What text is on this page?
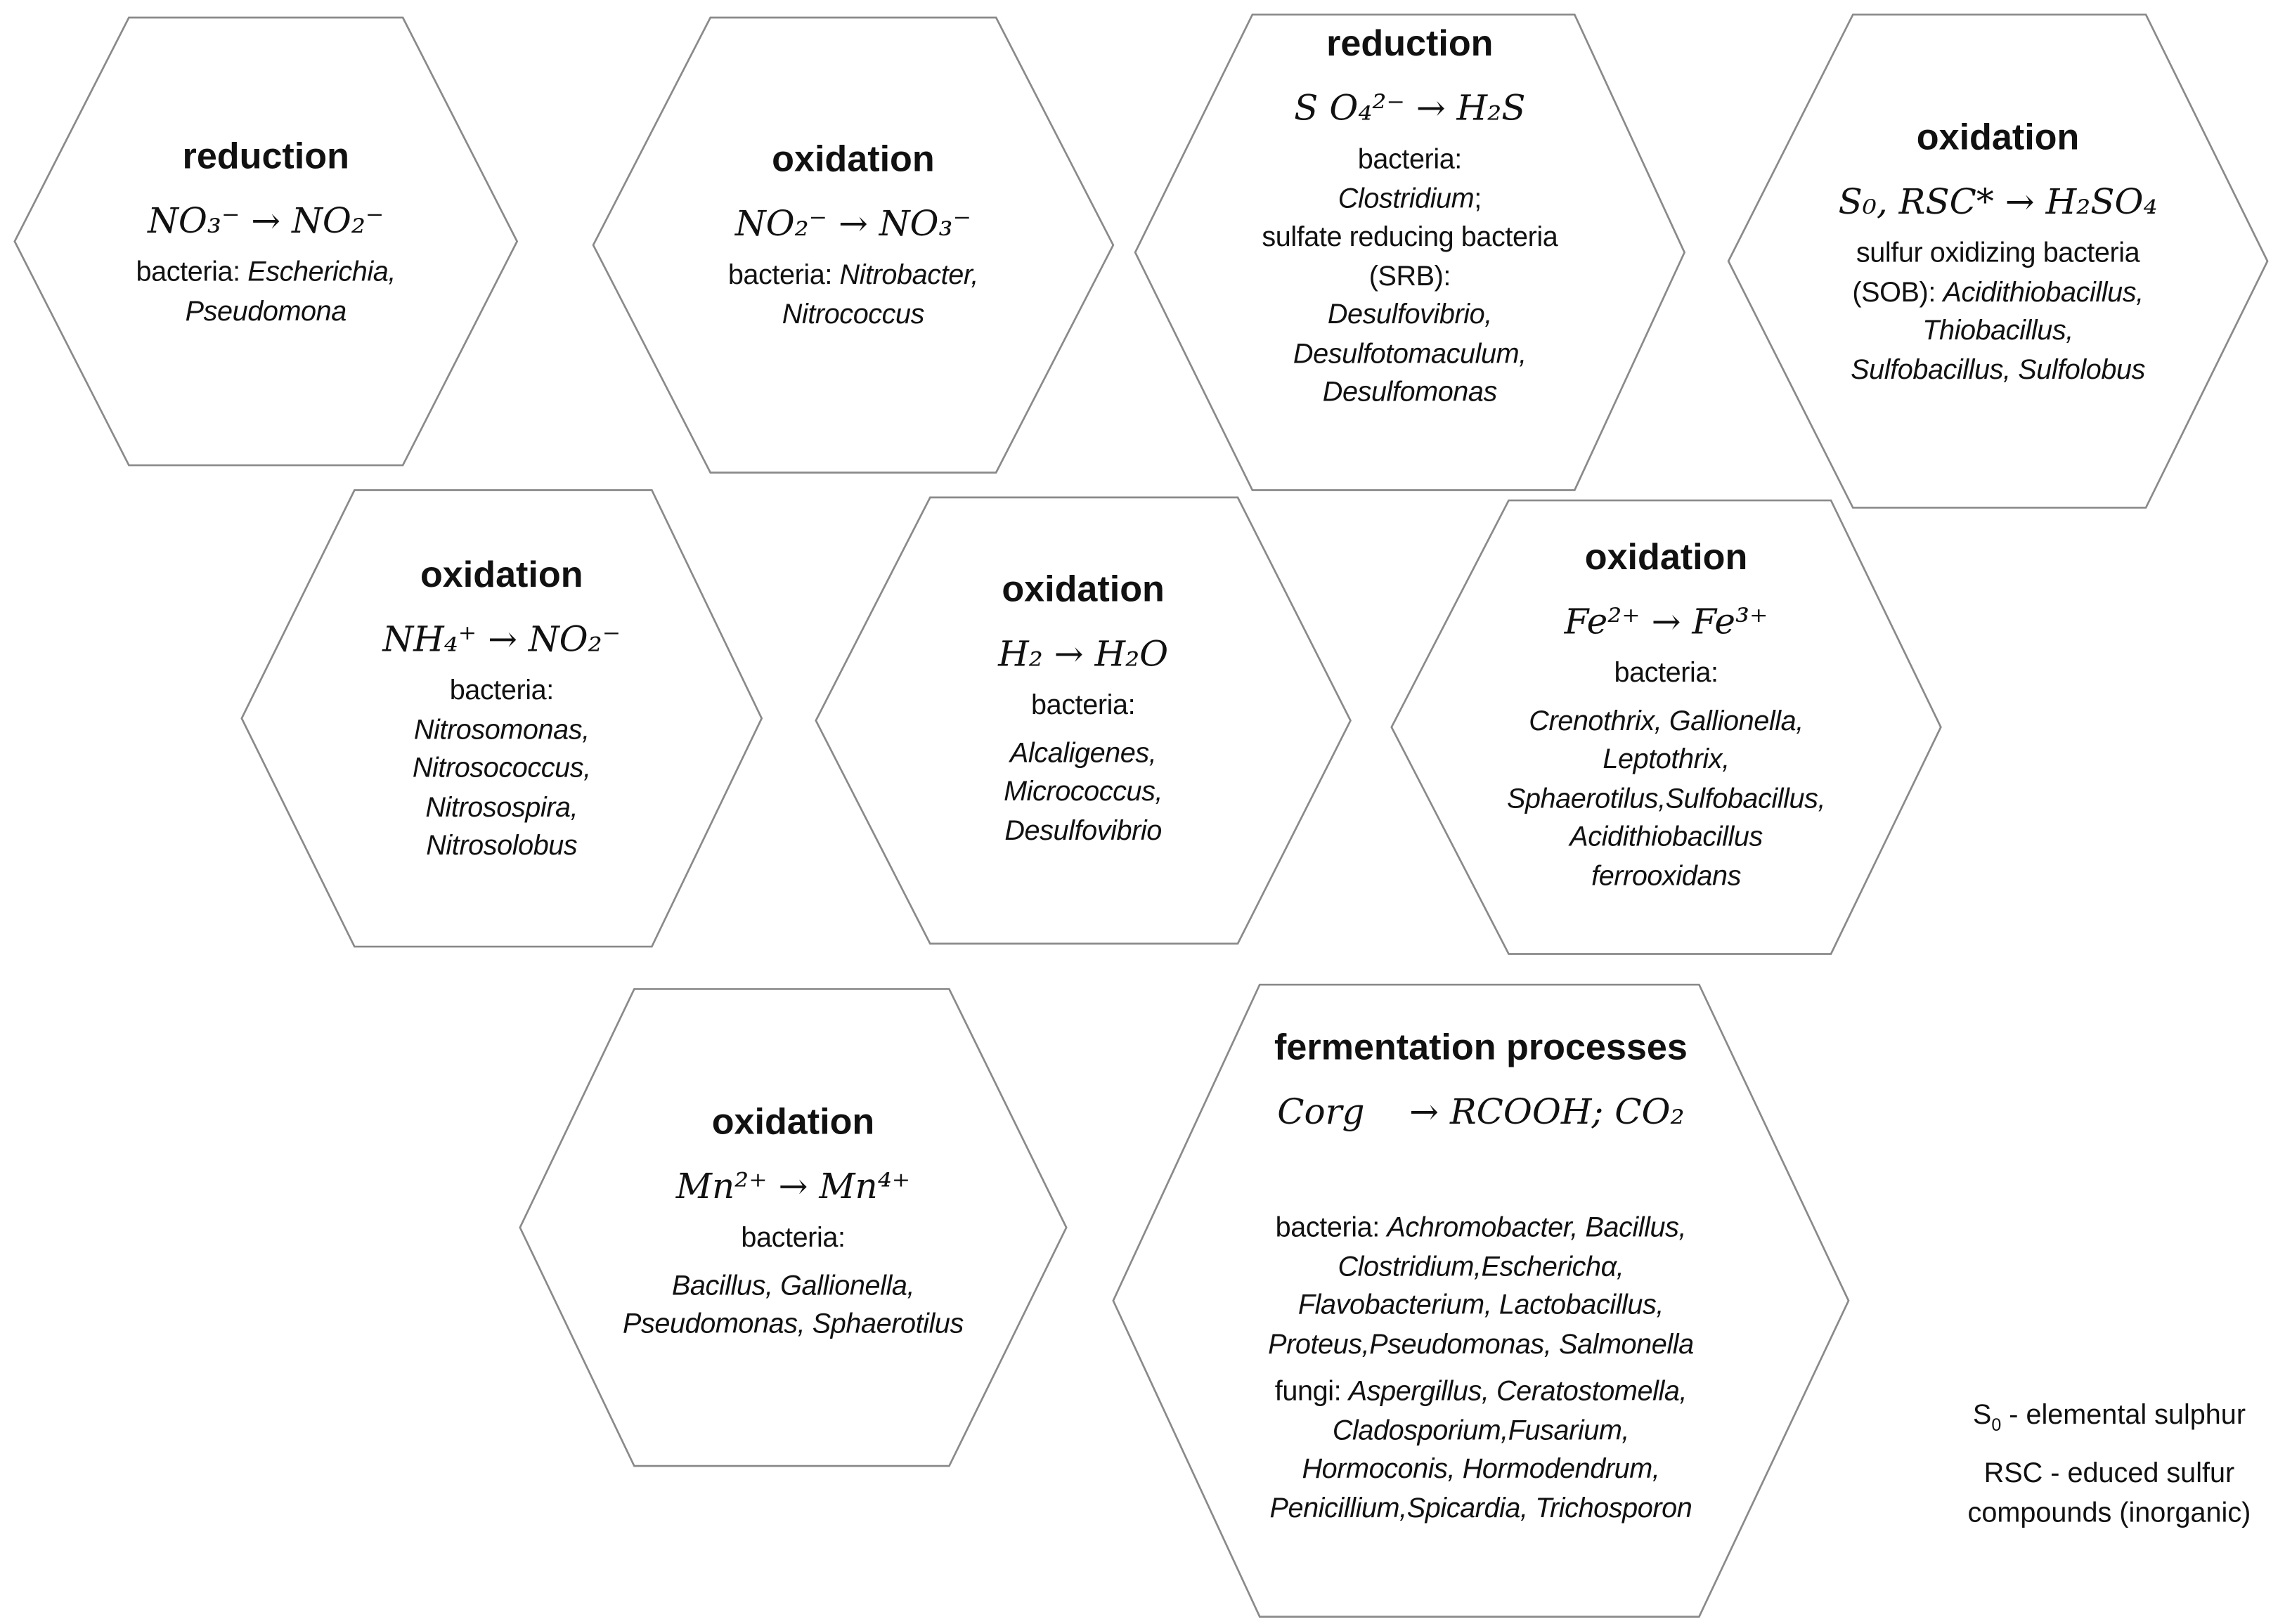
reduction
NO₃⁻ → NO₂⁻
bacteria: Escherichia,
Pseudomona
oxidation
NO₂⁻ → NO₃⁻
bacteria: Nitrobacter,
Nitrococcus
reduction
S O₄²⁻ → H₂S
bacteria:
Clostridium;
sulfate reducing bacteria
(SRB):
Desulfovibrio,
Desulfotomaculum,
Desulfomonas
oxidation
S₀, RSC* → H₂SO₄
sulfur oxidizing bacteria
(SOB): Acidithiobacillus,
Thiobacillus,
Sulfobacillus, Sulfolobus
oxidation
NH₄⁺ → NO₂⁻
bacteria:
Nitrosomonas,
Nitrosococcus,
Nitrosospira,
Nitrosolobus
oxidation
H₂ → H₂O
bacteria:
Alcaligenes,
Micrococcus,
Desulfovibrio
oxidation
Fe²⁺ → Fe³⁺
bacteria:
Crenothrix, Gallionella,
Leptothrix,
Sphaerotilus,Sulfobacillus,
Acidithiobacillus
ferrooxidans
oxidation
Mn²⁺ → Mn⁴⁺
bacteria:
Bacillus, Gallionella,
Pseudomonas, Sphaerotilus
fermentation processes
Corg    → RCOOH; CO₂
bacteria: Achromobacter, Bacillus,
Clostridium,Escherichα,
Flavobacterium, Lactobacillus,
Proteus,Pseudomonas, Salmonella
fungi: Aspergillus, Ceratostomella,
Cladosporium,Fusarium,
Hormoconis, Hormodendrum,
Penicillium,Spicardia, Trichosporon
$S_0$ - elemental sulphur
RSC - educed sulfur
compounds (inorganic)
